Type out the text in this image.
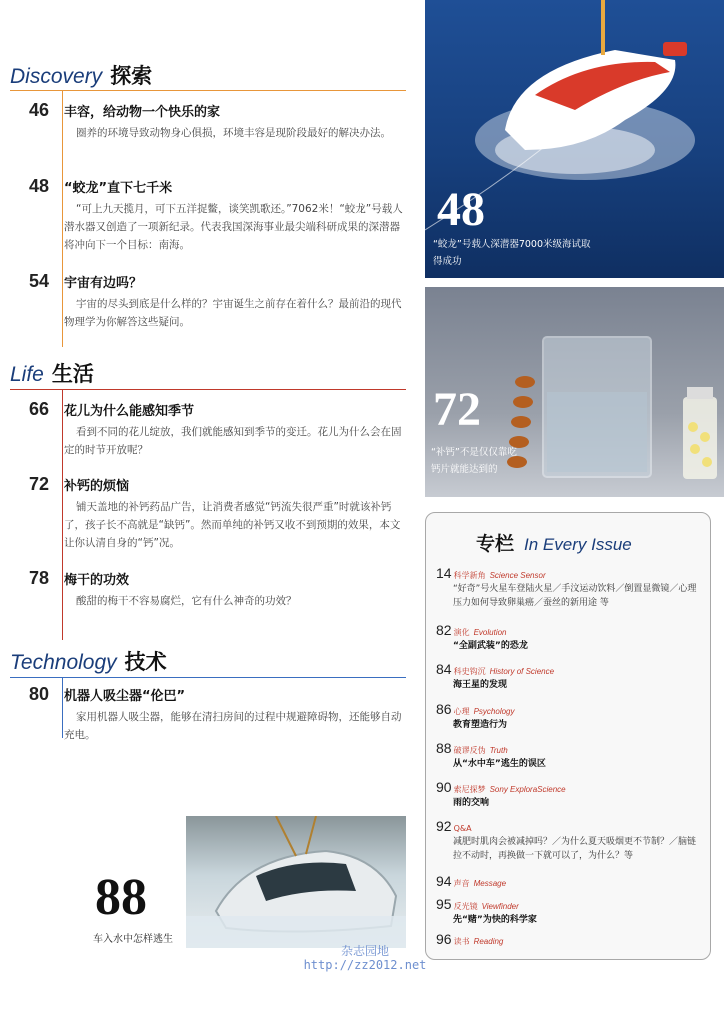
Discovery 探索
Life 生活
Technology 技术
46	丰容，给动物一个快乐的家
圈养的环境导致动物身心俱损，环境丰容是现阶段最好的解决办法。
48	“蛟龙”直下七千米
“可上九天揽月，可下五洋捉鳖，谈笑凯歌还。”7062米！“蛟龙”号载人潜水器又创造了一项新纪录。代表我国深海事业最尖端科研成果的深潜器将冲向下一个目标：南海。
54	宇宙有边吗？
宇宙的尽头到底是什么样的？宇宙诞生之前存在着什么？最前沿的现代物理学为你解答这些疑问。
66	花儿为什么能感知季节
看到不同的花儿绽放，我们就能感知到季节的变迁。花儿为什么会在固定的时节开放呢？
72	补钙的烦恼
铺天盖地的补钙药品广告，让消费者感觉“钙流失很严重”时就该补钙了，孩子长不高就是“缺钙”。然而单纯的补钙又收不到预期的效果，本文让你认清自身的“钙”况。
78	梅干的功效
酸甜的梅干不容易腐烂，它有什么神奇的功效？
80	机器人吸尘器“伦巴”
家用机器人吸尘器，能够在清扫房间的过程中规避障碍物，还能够自动充电。
48
“蛟龙”号载人深潜器7000米级海试取得成功
72
“补钙”不是仅仅靠吃钙片就能达到的
88
车入水中怎样逃生
专栏 In Every Issue
14 科学新角 Science Sensor
“好奇”号火星车登陆火星／手汶运动饮料／倒置显微镜／心理压力如何导致卵巢癌／蚕丝的新用途 等
82 演化 Evolution
“全副武装”的恐龙
84 科史钩沉 History of Science
海王星的发现
86 心理 Psychology
教育塑造行为
88 破谬反伪 Truth
从“水中车”逃生的误区
90 索尼探梦 Sony ExploraScience
雨的交响
92 Q&A
减肥时肌肉会被减掉吗？／为什么夏天吸烟更不节制？／脑链拉不动时，再换做一下就可以了，为什么？等
94 声音 Message
95 反光镜 Viewfinder
先“赌”为快的科学家
96 读书 Reading
杂志园地
http://zz2012.net
